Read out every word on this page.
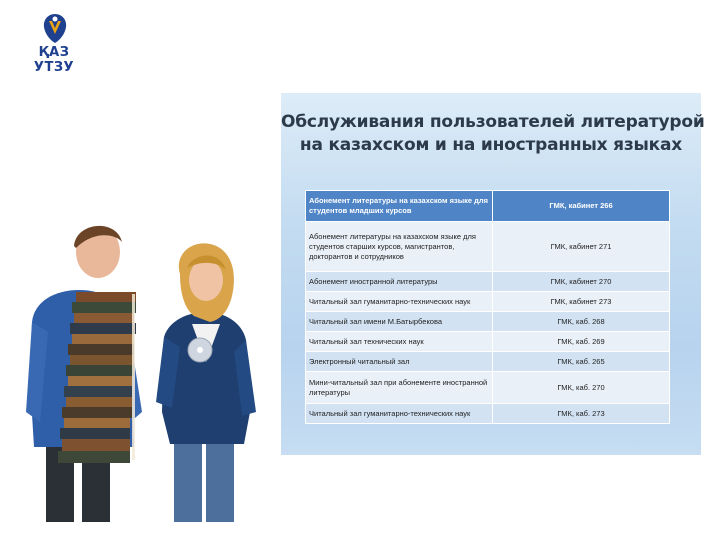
ҚАЗ УТЗУ
Обслуживания пользователей литературой
на казахском и на иностранных языках
Абонемент литературы на казахском языке для студентов младших курсов	ГМК, кабинет 266
Абонемент литературы на казахском языке для студентов старших курсов, магистрантов, докторантов и сотрудников	ГМК, кабинет 271
Абонемент иностранной литературы	ГМК, кабинет 270
Читальный зал гуманитарно-технических наук	ГМК, кабинет 273
Читальный зал имени М.Батырбекова	ГМК, каб. 268
Читальный зал технических наук	ГМК, каб. 269
Электронный читальный зал	ГМК, каб. 265
Мини-читальный зал при абонементе иностранной литературы	ГМК, каб. 270
Читальный зал гуманитарно-технических наук	ГМК, каб. 273
